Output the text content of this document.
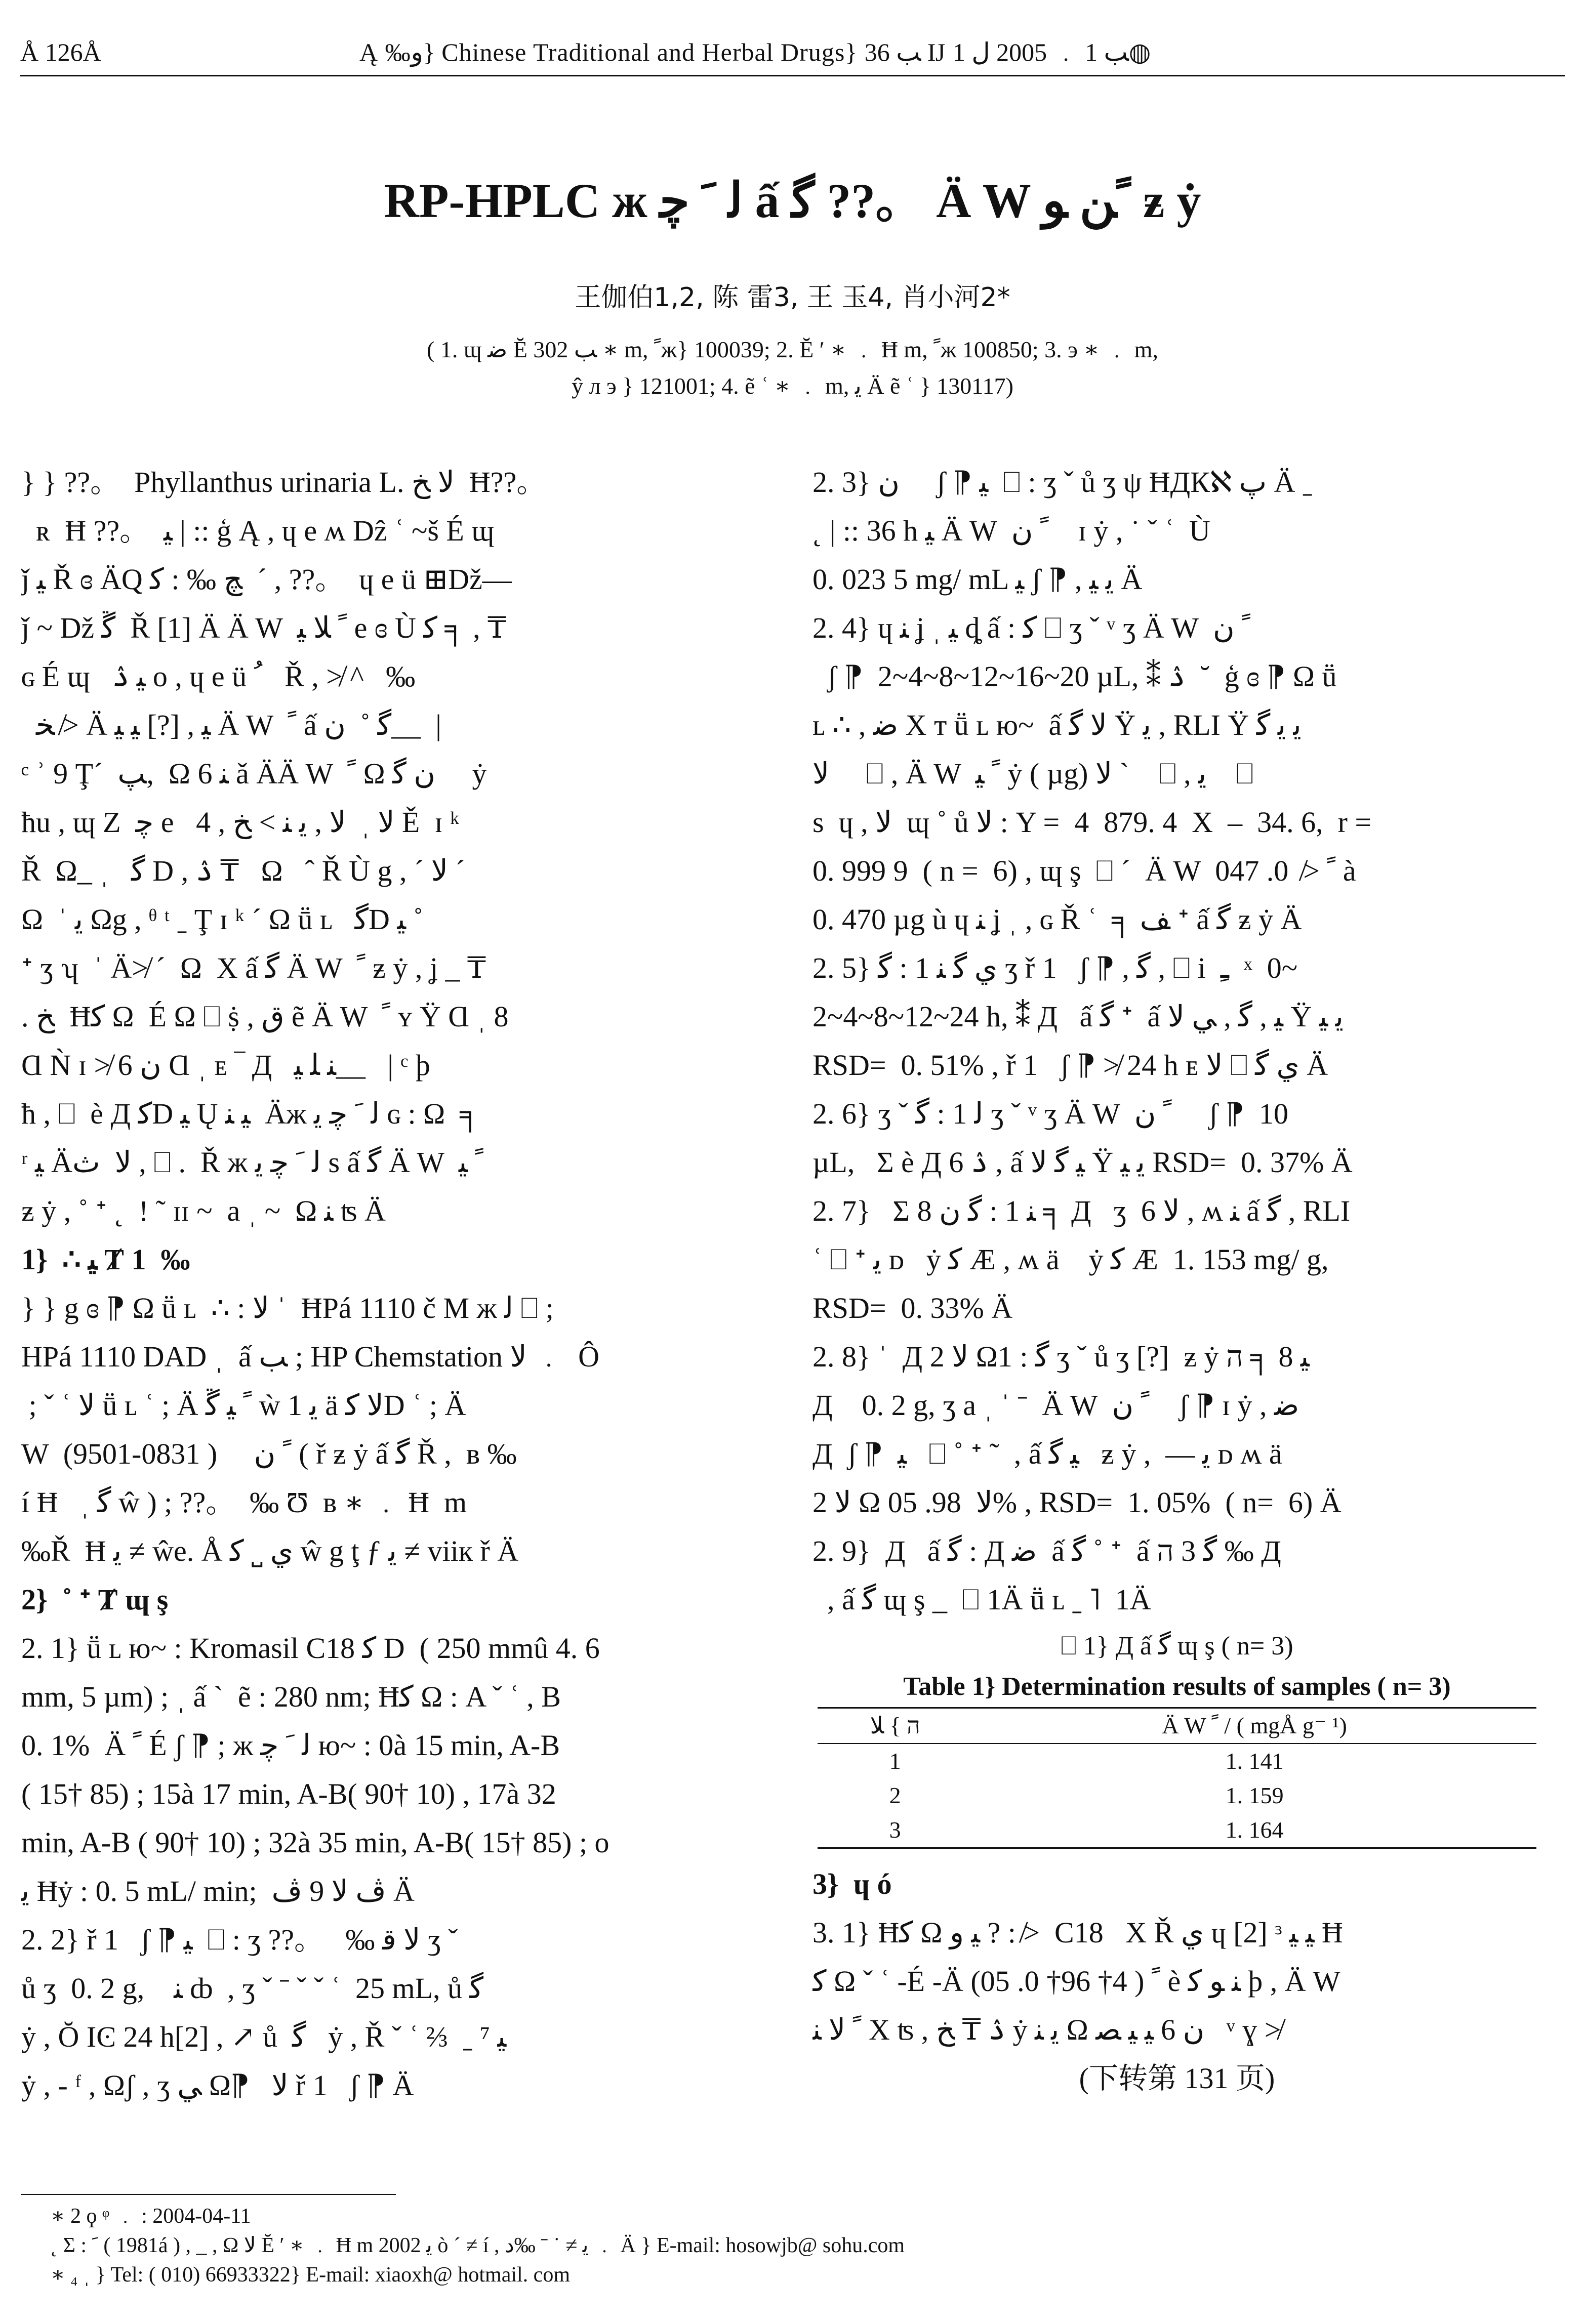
Å 126Å	Ą ‰ﻭ} Chinese Traditional and Herbal Drugs} ﺐ 36 Ĳ ﺐ 1 ﹒ 2005 ﻝ 1◍
RP-HPLC ж ﻟ ﹶ ﭼ ấ ﮔ ??。 Ä W ﹰﻦ ﻮ ƶ ẏ
王伽伯1,2, 陈 雷3, 王 玉4, 肖小河2*
( 1. ɰ ﺿ Ĕ ﺐ 302 ∗ m, ﹰж} 100039; 2. Ĕ ʹ ∗ ﹒ Ħ m, ﹰж 100850; 3. э ∗ ﹒ m,
ŷ л э } 121001; 4. ẽ ʿ ∗ ﹒ m, ﻳ Ä ẽ ʿ } 130117)

} } ??。  Phyllanthus urinaria L. ﻻ ﺦ  Ħ??。

ʀ  Ħ ??。  ﻴ | :: ģ Ą , ɥ e ʍ Dẑ ʿ ~š É ɰ

ǰ ﻴ Ř ɞ ÄQ ﭻ ‰ : ﮐ  ´ , ??。  ɥ e ü ⊞Dž—

ǰ ~ Dž ﮜ  Ř [1] Ä Ä W  ﹰ ﻼ ﻴ e ɞ Ù ﮐ ╕ , ₸

ɢ É ɰ   ﻴ ۮ o , ɥ e ü ﹸ   Ř , ≯ ^   ‰

ﺨ ≯ Ä ﻴ , [?] ﻴ ﻴ Ä W  ﹰ ấ ﮔ ˚  ﻥ__  |

ᶜ ʾ 9 Ţ´  ﭗ,  Ω ﻨ 6 ǎ ÄÄ W  ﹰ Ω ﻥ ﮔ     ẏ

ħu , ɰ Z  ﭼ e   ﻻ ˌ  ﻻ , ﻳ ﻨ > ﺦ , 4 Ě  ɪ ᵏ

Ř  Ω_ ˌ   ﮔ D , ۮ ₸   Ω   ˆ Ř Ù g , ´ ﻻ ˊ

Ω  ˈ ﻳ Ωg , ᶿ ᵗ ˍ Ţ ɪ ᵏ ˊ Ω ṻ ʟ   ﮔD ﻴ ˚

ᐩ ʒ ʮ  ˈ Ä≯ ˊ  Ω  Χ ấ ﮔ Ä W  ﹰ ƶ ẏ , ʝ _ ₸

. ﺦ  Ħﮐ Ω  É Ω ⎕ ṩ , ﻕ ẽ Ä W  ﹰ ʏ Ÿ Ɑ ˌ 8

Ɑ Ǹ ɪ ≯ 6 ﻥ Ɑ ˌ ᴇ ‾ Д   ﻨ ﻠ ﻴ__   | ᶜ þ

ħ , ⎕  è Д ﮐD ﻴ Ų ﻴ ﻨ  Äж ﻟ ﹶ ﭼ ﻳ ɢ : Ω  ╕

ʳ ﻴ Äﻻ  ﺙ , ⎕ .  Ř ж ﻟ ﹶ ﭼ ﻳ s ấ ﮔ Ä W  ﹰ ﻴ

ƶ ẏ , ˚ ᐩ ˛  ! ˜ ɪɪ ~  a ˌ ~  Ω ﻨ ʦ Ä

1}  ∴ ﻴ Ⱦ 1  ‰

} } g ɞ ⁋ Ω ṻ ʟ  ∴ : ﻻ ˈ  ĦPá 1110 č M ж ﻟ ⎕ ;

HPá 1110 DAD ˌ  ấ ﺐ ; HP Chemstation ﻻ ﹒  Ô

; ˇ ʿ ﻻ ṻ ʟ ʿ ; Ä ﹰ ﻴ ﮜ ẁ 1 ﻳ ä ﻻ ﮐD ʿ ; Ä

W  ﹰ ﻥ     ( 0831-9501) ( ř ƶ ẏ ấ ﮔ Ř ,  ʙ ‰

í Ħ   ˌ ﮔ ŵ ) ; ??。  ‰ Ʊ  ʙ ∗ ﹒ Ħ  m

‰Ř  Ħ ﻳ ≠ ŵe. Å ﻱ ˽ ﮐ ŵ g ţ ƒ ﻳ ≠ viiк ř Ä

2}  ˚ ᐩ Ⱦ ɰ ş

2. 1} ṻ ʟ ю~ : Kromasil C18 ﮐ D  ( 250 mmû 4. 6

mm, 5 µm) ; ˌ ấ `  ẽ : 280 nm; Ħﮐ Ω : A ˇ ʿ , B

0. 1%  Ä ﹰ É ʃ ⁋ ; ж ﻟ ﹶ ﭼ ю~ : 0à 15 min, A-B

( 15† 85) ; 15à 17 min, A-B( 90† 10) , 17à 32

min, A-B ( 90† 10) ; 32à 35 min, A-B( 15† 85) ; ο

ﻳ Ħẏ : 0. 5 mL/ min;  ﭪ ﻻ 9 ﭪ Ä

2. 2} ř 1   ʃ ⁋ ﻴ  ⎕ : ʒ ??。   ‰ ﻻ ﻗ ʒ ˇ

ů ʒ  0. 2 g,    ﻨ ȸ  , ʒ ˇ ˉ ˇ ˇ ʿ  25 mL, ů ﮔ

ẏ , Ŏ ΙϾ 24 h[2] , ↗ ů  ﮔ   ẏ , Ř ˇ ʿ ⅔  ˍ ⁷ ﻴ

ẏ , - ᶠ , Ωʃ , ʒ ﻲ Ω⁋   ﻻ ř 1   ʃ ⁋ Ä

2. 3} ﻥ     ʃ ⁋ ﻴ  ⎕ : ʒ ˇ ů ʒ ψ ĦДКℵ ﭖ Ä ˍ

˛ | :: 36 h ﻴ Ä W  ﹰ ﻥ    ɪ ẏ , ˙ ˇ ʿ  Ù

0. 023 5 mg/ mL ﻴ ʃ ⁋ , ﻳ ﻴ Ä

2. 4} ɥ ﻨ ʝ ˌ ﻴ ȡ ấ : ﮐ ⎕ ʒ ˇ ᵛ ʒ Ä W  ﹰ ﻥ

ʃ ⁋  2~4~8~12~16~20 µL, ⁑ ۮ  ˘  ģ ɞ ⁋ Ω ṻ

ʟ ∴ , ﺿ Χ т ṻ ʟ ю~  ấ ﻻ ﮔ Ÿ ﻳ , RLI Ÿ ﻳ ﻳ ﮔ

ﻻ     ⎕ , Ä W  ﹰ ﻴ ẏ ( µg) ﻻ ˋ    ⎕ , ﻳ    ⎕

s  ɥ , ﻻ  ɰ ˚ ů ﻻ : Y =  4  879. 4  X  –  34. 6,  r =

0. 999 9  ( n =  6) , ɰ ş  ⎕ ´  Ä W  ﹰ ≯  0. 047 à

0. 470 µg ù ɥ ﻨ ʝ ˌ , ɢ Ř ʿ  ╕ ﻒ ᐩ ấ ﮔ ƶ ẏ Ä

2. 5} ﻱ ﮔ ﻨ 1 : ﮔ ʒ ř 1   ʃ ⁋ , ﮔ , ⎕ і  ﹻ  ˣ  0~

2~4~8~12~24 h, ⁑ Д   ấ ﮔ ᐩ  ấ ﻴ , ﮔ , ﻲ ﻻ Ÿ ﻳ ﻴ

RSD=  0. 51% , ř 1   ʃ ⁋ ≯ 24 h ᴇ ﻻ ⎕ ﻱ ﮔ Ä

2. 6} ʒ ˇ ﻟ 1 : ﮔ ʒ ˇ ᵛ ʒ Ä W  ﹰ ﻥ     ʃ ⁋  10

µL,   Σ è Д 6 ۮ , ấ ﻴ ﮔ ﻻ Ÿ ﻳ ﻴ RSD=  0. 37% Ä

2. 7}   Σ ﻨ 1 : ﮔ ﻥ 8 ╕ Д   ʒ  6 ﻻ , ʍ ﻨ ấ ﮔ , RLI

ʿ ⎕ ᐩ ﻳ ᴅ   ẏ ﮐ Æ , ʍ ä    ẏ ﮐ Æ  1. 153 mg/ g,

RSD=  0. 33% Ä

2. 8} ˈ  Д ﻻ 2 Ω1 : ﮔ ʒ ˇ ů ʒ [?]  ƶ ẏ ﻴ 8 ╕ ה

Д    0. 2 g, ʒ a ˌ ˈ ˉ  Ä W  ﹰ ﻥ    ʃ ⁋ ɪ ẏ , ﺿ

Д  ʃ ⁋  ﻴ   ⎕ ˚ ᐩ ˜  , ấ ﻴ ﮔ   ƶ ẏ ,  — ﻳ ᴅ ʍ ä

ﻻ 2 Ω ﻻ  98. 05% , RSD=  1. 05%  ( n=  6) Ä

2. 9}  Д   ấ ﮔ : Д ﺿ  ấ ﮔ ˚ ᐩ  ấ ﮔ 3 ה ‰ Д

, ấ ﮔ ɰ ş _  ⎕ 1Ä ṻ ʟ ˍ ˥  1Ä

⎕ 1} Д ấ ﮔ ɰ ş ( n= 3)
Table 1} Determination results of samples ( n= 3)
ה } ﻼ	Ä W ﹰ / ( mgÅ g⁻ ¹)
1	1. 141
2	1. 159
3	1. 164

3}  ɥ ó

3. 1} Ħﮐ Ω ﻴ ﻭ ? : ≯  C18   Χ Ř ﻱ ɥ [2] ᶟ ﻴ ﻴ Ħ

ﮐ Ω ˇ ʿ -É -Ä ﹰ ( 4† 96† 0. 05) è ﻨ ﻮ ﮐ þ , Ä W

ﹰ ﻻ ﻨ Χ ʦ , ۮ ₸ ﺦ ẏ ﻳ ﻨ Ω ﻥ 6 ﻴ ﻴ ﺼ   ᵛ ɣ ≯

(下转第 131 页)

∗ 2 ϙ ᵠ ﹒ : 2004-04-11
˛ Σ : ﹶ ( 1981á ) , _ , Ω ﻻ Ĕ ʹ ∗ ﹒ Ħ m 2002 ﻳ ò ˊ ≠ í , ﻳ ≠ ˙ ˉ ‰ﺩ ﹒ Ä } E-mail: hosowjb@ sohu.com
∗ ₄ ˌ } Tel: ( 010) 66933322} E-mail: xiaoxh@ hotmail. com
